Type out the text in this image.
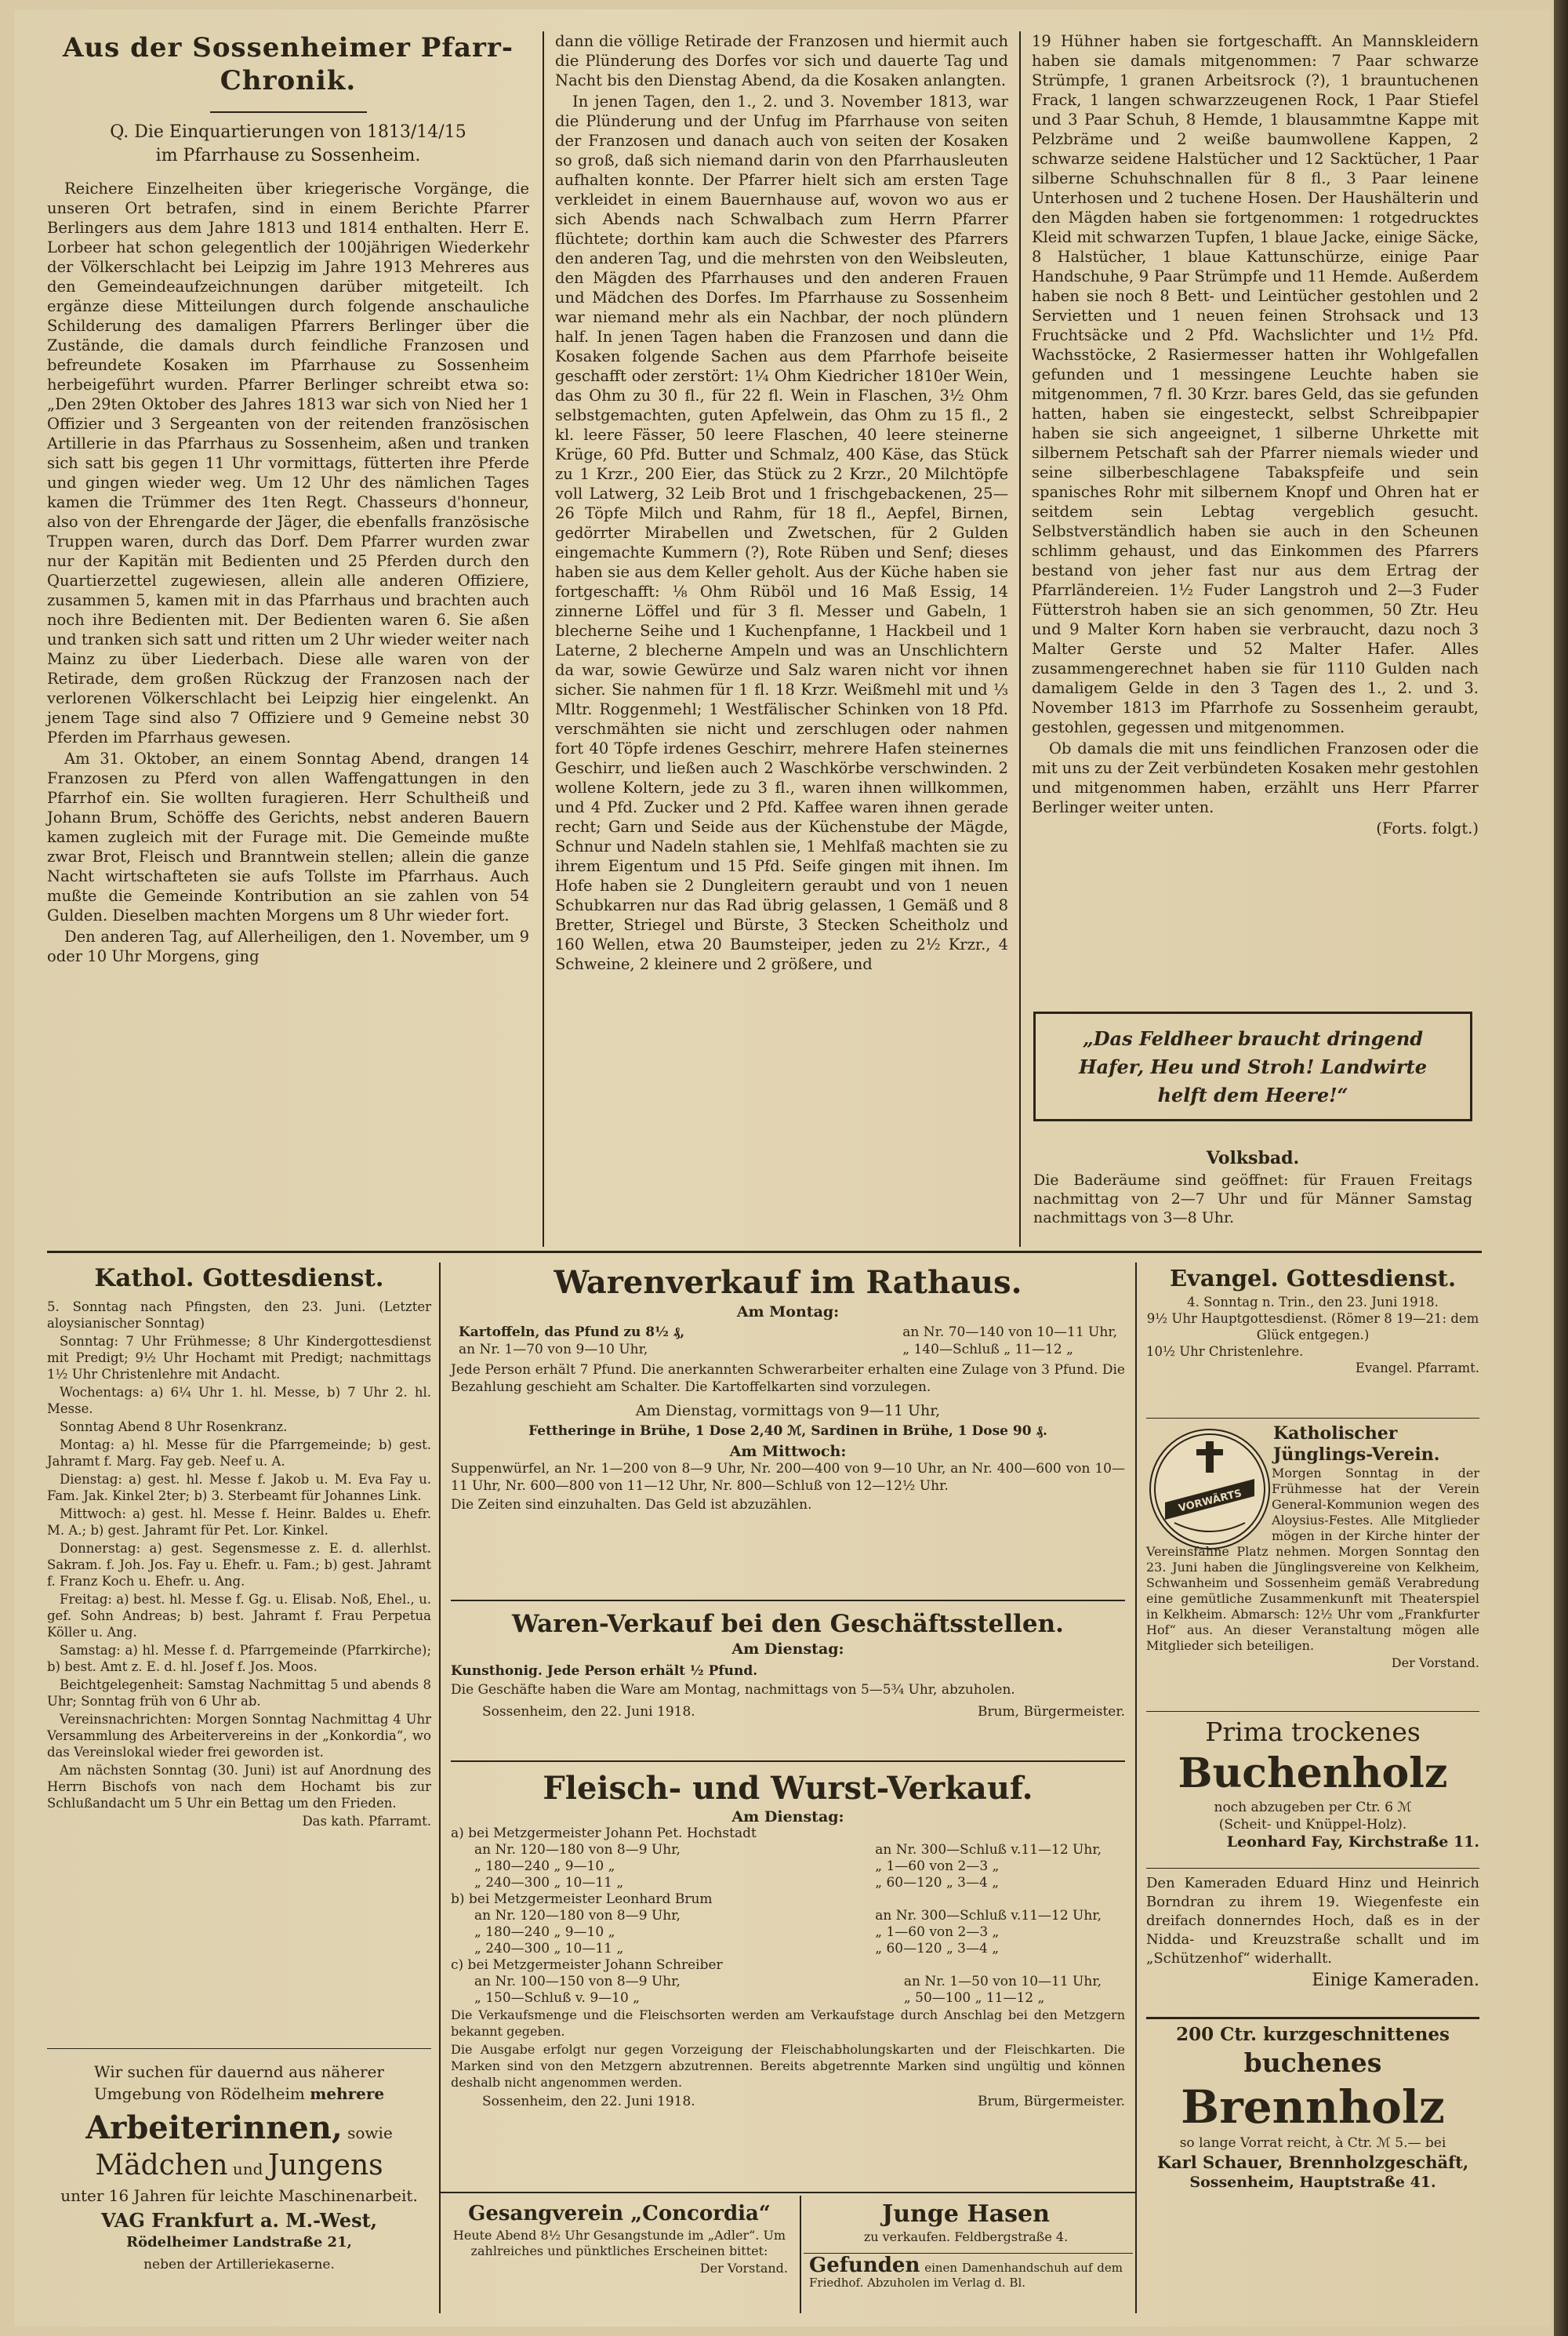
Aus der Sossenheimer Pfarr-
Chronik.
Q. Die Einquartierungen von 1813/14/15
im Pfarrhause zu Sossenheim.

Reichere Einzelheiten über kriegerische Vorgänge, die unseren Ort betrafen, sind in einem Berichte Pfarrer Berlingers aus dem Jahre 1813 und 1814 enthalten. Herr E. Lorbeer hat schon gelegentlich der 100jährigen Wiederkehr der Völkerschlacht bei Leipzig im Jahre 1913 Mehreres aus den Gemeindeaufzeichnungen darüber mitgeteilt. Ich ergänze diese Mitteilungen durch folgende anschauliche Schilderung des damaligen Pfarrers Berlinger über die Zustände, die damals durch feindliche Franzosen und befreundete Kosaken im Pfarrhause zu Sossenheim herbeigeführt wurden. Pfarrer Berlinger schreibt etwa so: „Den 29ten Oktober des Jahres 1813 war sich von Nied her 1 Offizier und 3 Sergeanten von der reitenden französischen Artillerie in das Pfarrhaus zu Sossenheim, aßen und tranken sich satt bis gegen 11 Uhr vormittags, fütterten ihre Pferde und gingen wieder weg. Um 12 Uhr des nämlichen Tages kamen die Trümmer des 1ten Regt. Chasseurs d'honneur, also von der Ehrengarde der Jäger, die ebenfalls französische Truppen waren, durch das Dorf. Dem Pfarrer wurden zwar nur der Kapitän mit Bedienten und 25 Pferden durch den Quartierzettel zugewiesen, allein alle anderen Offiziere, zusammen 5, kamen mit in das Pfarrhaus und brachten auch noch ihre Bedienten mit. Der Bedienten waren 6. Sie aßen und tranken sich satt und ritten um 2 Uhr wieder weiter nach Mainz zu über Liederbach. Diese alle waren von der Retirade, dem großen Rückzug der Franzosen nach der verlorenen Völkerschlacht bei Leipzig hier eingelenkt. An jenem Tage sind also 7 Offiziere und 9 Gemeine nebst 30 Pferden im Pfarrhaus gewesen.

Am 31. Oktober, an einem Sonntag Abend, drangen 14 Franzosen zu Pferd von allen Waffengattungen in den Pfarrhof ein. Sie wollten furagieren. Herr Schultheiß und Johann Brum, Schöffe des Gerichts, nebst anderen Bauern kamen zugleich mit der Furage mit. Die Gemeinde mußte zwar Brot, Fleisch und Branntwein stellen; allein die ganze Nacht wirtschafteten sie aufs Tollste im Pfarrhaus. Auch mußte die Gemeinde Kontribution an sie zahlen von 54 Gulden. Dieselben machten Morgens um 8 Uhr wieder fort.

Den anderen Tag, auf Allerheiligen, den 1. November, um 9 oder 10 Uhr Morgens, ging

dann die völlige Retirade der Franzosen und hiermit auch die Plünderung des Dorfes vor sich und dauerte Tag und Nacht bis den Dienstag Abend, da die Kosaken anlangten.

In jenen Tagen, den 1., 2. und 3. November 1813, war die Plünderung und der Unfug im Pfarrhause von seiten der Franzosen und danach auch von seiten der Kosaken so groß, daß sich niemand darin von den Pfarrhausleuten aufhalten konnte. Der Pfarrer hielt sich am ersten Tage verkleidet in einem Bauernhause auf, wovon wo aus er sich Abends nach Schwalbach zum Herrn Pfarrer flüchtete; dorthin kam auch die Schwester des Pfarrers den anderen Tag, und die mehrsten von den Weibsleuten, den Mägden des Pfarrhauses und den anderen Frauen und Mädchen des Dorfes. Im Pfarrhause zu Sossenheim war niemand mehr als ein Nachbar, der noch plündern half. In jenen Tagen haben die Franzosen und dann die Kosaken folgende Sachen aus dem Pfarrhofe beiseite geschafft oder zerstört: 1¼ Ohm Kiedricher 1810er Wein, das Ohm zu 30 fl., für 22 fl. Wein in Flaschen, 3½ Ohm selbstgemachten, guten Apfelwein, das Ohm zu 15 fl., 2 kl. leere Fässer, 50 leere Flaschen, 40 leere steinerne Krüge, 60 Pfd. Butter und Schmalz, 400 Käse, das Stück zu 1 Krzr., 200 Eier, das Stück zu 2 Krzr., 20 Milchtöpfe voll Latwerg, 32 Leib Brot und 1 frischgebackenen, 25—26 Töpfe Milch und Rahm, für 18 fl., Aepfel, Birnen, gedörrter Mirabellen und Zwetschen, für 2 Gulden eingemachte Kummern (?), Rote Rüben und Senf; dieses haben sie aus dem Keller geholt. Aus der Küche haben sie fortgeschafft: ⅛ Ohm Rüböl und 16 Maß Essig, 14 zinnerne Löffel und für 3 fl. Messer und Gabeln, 1 blecherne Seihe und 1 Kuchenpfanne, 1 Hackbeil und 1 Laterne, 2 blecherne Ampeln und was an Unschlichtern da war, sowie Gewürze und Salz waren nicht vor ihnen sicher. Sie nahmen für 1 fl. 18 Krzr. Weißmehl mit und ⅓ Mltr. Roggenmehl; 1 Westfälischer Schinken von 18 Pfd. verschmähten sie nicht und zerschlugen oder nahmen fort 40 Töpfe irdenes Geschirr, mehrere Hafen steinernes Geschirr, und ließen auch 2 Waschkörbe verschwinden. 2 wollene Koltern, jede zu 3 fl., waren ihnen willkommen, und 4 Pfd. Zucker und 2 Pfd. Kaffee waren ihnen gerade recht; Garn und Seide aus der Küchenstube der Mägde, Schnur und Nadeln stahlen sie, 1 Mehlfaß machten sie zu ihrem Eigentum und 15 Pfd. Seife gingen mit ihnen. Im Hofe haben sie 2 Dungleitern geraubt und von 1 neuen Schubkarren nur das Rad übrig gelassen, 1 Gemäß und 8 Bretter, Striegel und Bürste, 3 Stecken Scheitholz und 160 Wellen, etwa 20 Baumsteiper, jeden zu 2½ Krzr., 4 Schweine, 2 kleinere und 2 größere, und

19 Hühner haben sie fortgeschafft. An Mannskleidern haben sie damals mitgenommen: 7 Paar schwarze Strümpfe, 1 granen Arbeitsrock (?), 1 brauntuchenen Frack, 1 langen schwarzzeugenen Rock, 1 Paar Stiefel und 3 Paar Schuh, 8 Hemde, 1 blausammtne Kappe mit Pelzbräme und 2 weiße baumwollene Kappen, 2 schwarze seidene Halstücher und 12 Sacktücher, 1 Paar silberne Schuhschnallen für 8 fl., 3 Paar leinene Unterhosen und 2 tuchene Hosen. Der Haushälterin und den Mägden haben sie fortgenommen: 1 rotgedrucktes Kleid mit schwarzen Tupfen, 1 blaue Jacke, einige Säcke, 8 Halstücher, 1 blaue Kattunschürze, einige Paar Handschuhe, 9 Paar Strümpfe und 11 Hemde. Außerdem haben sie noch 8 Bett- und Leintücher gestohlen und 2 Servietten und 1 neuen feinen Strohsack und 13 Fruchtsäcke und 2 Pfd. Wachslichter und 1½ Pfd. Wachsstöcke, 2 Rasiermesser hatten ihr Wohlgefallen gefunden und 1 messingene Leuchte haben sie mitgenommen, 7 fl. 30 Krzr. bares Geld, das sie gefunden hatten, haben sie eingesteckt, selbst Schreibpapier haben sie sich angeeignet, 1 silberne Uhrkette mit silbernem Petschaft sah der Pfarrer niemals wieder und seine silberbeschlagene Tabakspfeife und sein spanisches Rohr mit silbernem Knopf und Ohren hat er seitdem sein Lebtag vergeblich gesucht. Selbstverständlich haben sie auch in den Scheunen schlimm gehaust, und das Einkommen des Pfarrers bestand von jeher fast nur aus dem Ertrag der Pfarrländereien. 1½ Fuder Langstroh und 2—3 Fuder Fütterstroh haben sie an sich genommen, 50 Ztr. Heu und 9 Malter Korn haben sie verbraucht, dazu noch 3 Malter Gerste und 52 Malter Hafer. Alles zusammengerechnet haben sie für 1110 Gulden nach damaligem Gelde in den 3 Tagen des 1., 2. und 3. November 1813 im Pfarrhofe zu Sossenheim geraubt, gestohlen, gegessen und mitgenommen.

Ob damals die mit uns feindlichen Franzosen oder die mit uns zu der Zeit verbündeten Kosaken mehr gestohlen und mitgenommen haben, erzählt uns Herr Pfarrer Berlinger weiter unten.

(Forts. folgt.)
„Das Feldheer braucht dringend
Hafer, Heu und Stroh! Landwirte
helft dem Heere!“
Volksbad.

Die Baderäume sind geöffnet: für Frauen Freitags nachmittag von 2—7 Uhr und für Männer Samstag nachmittags von 3—8 Uhr.

Kathol. Gottesdienst.

5. Sonntag nach Pfingsten, den 23. Juni. (Letzter aloysianischer Sonntag)

Sonntag: 7 Uhr Frühmesse; 8 Uhr Kindergottesdienst mit Predigt; 9½ Uhr Hochamt mit Predigt; nachmittags 1½ Uhr Christenlehre mit Andacht.

Wochentags: a) 6¼ Uhr 1. hl. Messe, b) 7 Uhr 2. hl. Messe.

Sonntag Abend 8 Uhr Rosenkranz.

Montag: a) hl. Messe für die Pfarrgemeinde; b) gest. Jahramt f. Marg. Fay geb. Neef u. A.

Dienstag: a) gest. hl. Messe f. Jakob u. M. Eva Fay u. Fam. Jak. Kinkel 2ter; b) 3. Sterbeamt für Johannes Link.

Mittwoch: a) gest. hl. Messe f. Heinr. Baldes u. Ehefr. M. A.; b) gest. Jahramt für Pet. Lor. Kinkel.

Donnerstag: a) gest. Segensmesse z. E. d. allerhlst. Sakram. f. Joh. Jos. Fay u. Ehefr. u. Fam.; b) gest. Jahramt f. Franz Koch u. Ehefr. u. Ang.

Freitag: a) best. hl. Messe f. Gg. u. Elisab. Noß, Ehel., u. gef. Sohn Andreas; b) best. Jahramt f. Frau Perpetua Köller u. Ang.

Samstag: a) hl. Messe f. d. Pfarrgemeinde (Pfarrkirche); b) best. Amt z. E. d. hl. Josef f. Jos. Moos.

Beichtgelegenheit: Samstag Nachmittag 5 und abends 8 Uhr; Sonntag früh von 6 Uhr ab.

Vereinsnachrichten: Morgen Sonntag Nachmittag 4 Uhr Versammlung des Arbeitervereins in der „Konkordia“, wo das Vereinslokal wieder frei geworden ist.

Am nächsten Sonntag (30. Juni) ist auf Anordnung des Herrn Bischofs von nach dem Hochamt bis zur Schlußandacht um 5 Uhr ein Bettag um den Frieden.

Das kath. Pfarramt.
Wir suchen für dauernd aus näherer
Umgebung von Rödelheim mehrere
Arbeiterinnen, sowie
Mädchen und Jungens
unter 16 Jahren für leichte Maschinenarbeit.
VAG Frankfurt a. M.-West,
Rödelheimer Landstraße 21,
neben der Artilleriekaserne.
Warenverkauf im Rathaus.
Am Montag:
Kartoffeln, das Pfund zu 8½ ₰,
an Nr. 1—70 von 9—10 Uhr,
an Nr. 70—140 von 10—11 Uhr,
„ 140—Schluß „ 11—12 „

Jede Person erhält 7 Pfund. Die anerkannten Schwerarbeiter erhalten eine Zulage von 3 Pfund. Die Bezahlung geschieht am Schalter. Die Kartoffelkarten sind vorzulegen.

Am Dienstag, vormittags von 9—11 Uhr,
Fettheringe in Brühe, 1 Dose 2,40 ℳ, Sardinen in Brühe, 1 Dose 90 ₰.
Am Mittwoch:

Suppenwürfel, an Nr. 1—200 von 8—9 Uhr, Nr. 200—400 von 9—10 Uhr, an Nr. 400—600 von 10—11 Uhr, Nr. 600—800 von 11—12 Uhr, Nr. 800—Schluß von 12—12½ Uhr.

Die Zeiten sind einzuhalten. Das Geld ist abzuzählen.

Waren-Verkauf bei den Geschäftsstellen.
Am Dienstag:

Kunsthonig. Jede Person erhält ½ Pfund.

Die Geschäfte haben die Ware am Montag, nachmittags von 5—5¾ Uhr, abzuholen.

Sossenheim, den 22. Juni 1918.	Brum, Bürgermeister.
Fleisch- und Wurst-Verkauf.
Am Dienstag:
a) bei Metzgermeister Johann Pet. Hochstadt
an Nr. 120—180 von 8—9 Uhr,
„ 180—240 „ 9—10 „
„ 240—300 „ 10—11 „
an Nr. 300—Schluß v.11—12 Uhr,
„ 1—60 von 2—3 „
„ 60—120 „ 3—4 „
b) bei Metzgermeister Leonhard Brum
an Nr. 120—180 von 8—9 Uhr,
„ 180—240 „ 9—10 „
„ 240—300 „ 10—11 „
an Nr. 300—Schluß v.11—12 Uhr,
„ 1—60 von 2—3 „
„ 60—120 „ 3—4 „
c) bei Metzgermeister Johann Schreiber
an Nr. 100—150 von 8—9 Uhr,
„ 150—Schluß v. 9—10 „
an Nr. 1—50 von 10—11 Uhr,
„ 50—100 „ 11—12 „

Die Verkaufsmenge und die Fleischsorten werden am Verkaufstage durch Anschlag bei den Metzgern bekannt gegeben.

Die Ausgabe erfolgt nur gegen Vorzeigung der Fleischabholungskarten und der Fleischkarten. Die Marken sind von den Metzgern abzutrennen. Bereits abgetrennte Marken sind ungültig und können deshalb nicht angenommen werden.

Sossenheim, den 22. Juni 1918.	Brum, Bürgermeister.
Gesangverein „Concordia“

Heute Abend 8½ Uhr Gesangstunde im „Adler“. Um zahlreiches und pünktliches Erscheinen bittet:

Der Vorstand.
Junge Hasen
zu verkaufen. Feldbergstraße 4.
Gefunden einen Damenhandschuh auf dem Friedhof. Abzuholen im Verlag d. Bl.
Evangel. Gottesdienst.
4. Sonntag n. Trin., den 23. Juni 1918.
9½ Uhr Hauptgottesdienst. (Römer 8 19—21: dem Glück entgegen.)
10½ Uhr Christenlehre.
Evangel. Pfarramt.
VORWÄRTS
Katholischer Jünglings-Verein.

Morgen Sonntag in der Frühmesse hat der Verein General-Kommunion wegen des Aloysius-Festes. Alle Mitglieder mögen in der Kirche hinter der Vereinsfahne Platz nehmen. Morgen Sonntag den 23. Juni haben die Jünglingsvereine von Kelkheim, Schwanheim und Sossenheim gemäß Verabredung eine gemütliche Zusammenkunft mit Theaterspiel in Kelkheim. Abmarsch: 12½ Uhr vom „Frankfurter Hof“ aus. An dieser Veranstaltung mögen alle Mitglieder sich beteiligen.

Der Vorstand.
Prima trockenes
Buchenholz
noch abzugeben per Ctr. 6 ℳ
(Scheit- und Knüppel-Holz).
Leonhard Fay, Kirchstraße 11.

Den Kameraden Eduard Hinz und Heinrich Borndran zu ihrem 19. Wiegenfeste ein dreifach donnerndes Hoch, daß es in der Nidda- und Kreuzstraße schallt und im „Schützenhof“ widerhallt.

Einige Kameraden.
200 Ctr. kurzgeschnittenes
buchenes
Brennholz
so lange Vorrat reicht, à Ctr. ℳ 5.— bei
Karl Schauer, Brennholzgeschäft,
Sossenheim, Hauptstraße 41.
